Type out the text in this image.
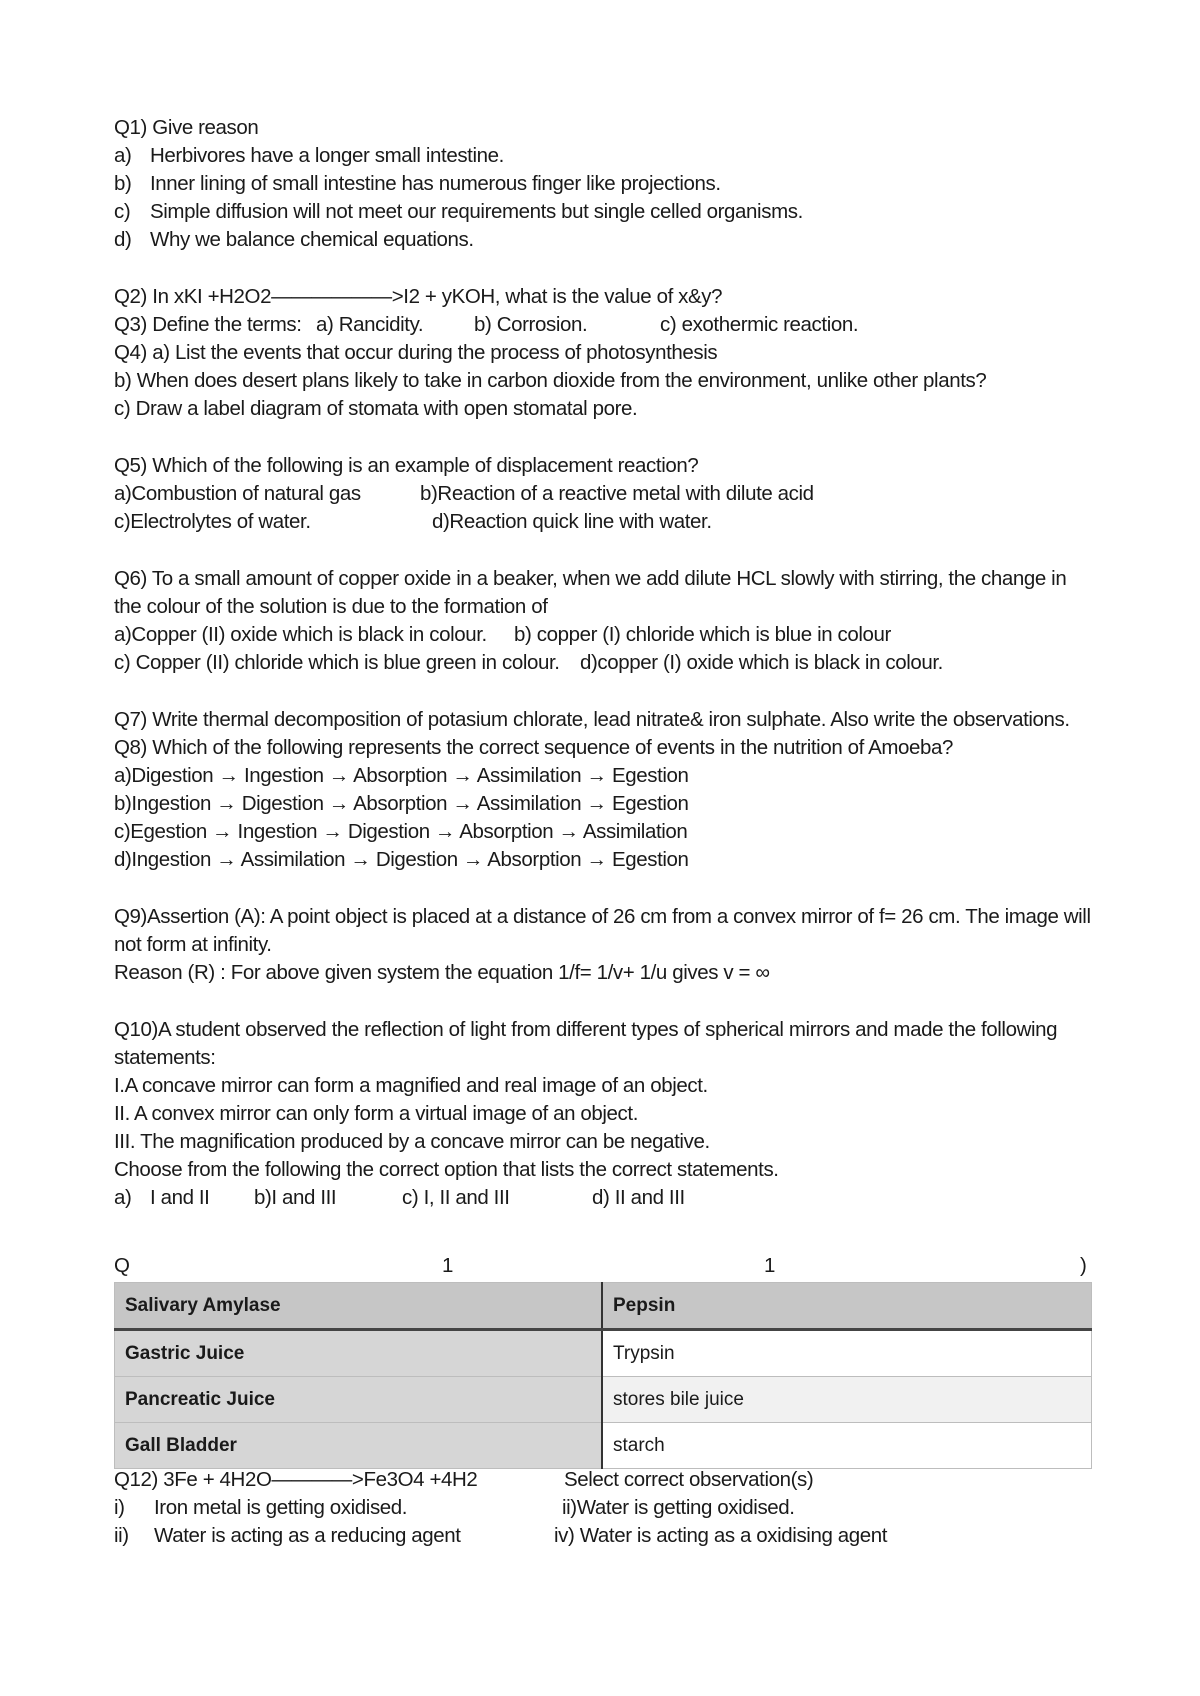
Q1) Give reason
a) Herbivores have a longer small intestine.
b) Inner lining of small intestine has numerous finger like projections.
c) Simple diffusion will not meet our requirements but single celled organisms.
d) Why we balance chemical equations.
Q2) In xKI +H2O2——————>I2 + yKOH, what is the value of x&y?
Q3) Define the terms: a) Rancidity. b) Corrosion.	c) exothermic reaction.
Q4) a) List the events that occur during the process of photosynthesis
b) When does desert plans likely to take in carbon dioxide from the environment, unlike other plants?
c) Draw a label diagram of stomata with open stomatal pore.
Q5) Which of the following is an example of displacement reaction?
a)Combustion of natural gas	b)Reaction of a reactive metal with dilute acid
c)Electrolytes of water.	d)Reaction quick line with water.
Q6) To a small amount of copper oxide in a beaker, when we add dilute HCL slowly with stirring, the change in the colour of the solution is due to the formation of
a)Copper (II) oxide which is black in colour. b) copper (I) chloride which is blue in colour
c) Copper (II) chloride which is blue green in colour. d)copper (I) oxide which is black in colour.
Q7) Write thermal decomposition of potasium chlorate, lead nitrate& iron sulphate. Also write the observations.
Q8) Which of the following represents the correct sequence of events in the nutrition of Amoeba?
a)Digestion → Ingestion → Absorption → Assimilation → Egestion
b)Ingestion → Digestion → Absorption → Assimilation → Egestion
c)Egestion → Ingestion → Digestion → Absorption → Assimilation
d)Ingestion → Assimilation → Digestion → Absorption → Egestion
Q9)Assertion (A): A point object is placed at a distance of 26 cm from a convex mirror of f= 26 cm. The image will not form at infinity.
Reason (R) : For above given system the equation 1/f= 1/v+ 1/u gives v = ∞
Q10)A student observed the reflection of light from different types of spherical mirrors and made the following statements:
I.A concave mirror can form a magnified and real image of an object.
II. A convex mirror can only form a virtual image of an object.
III. The magnification produced by a concave mirror can be negative.
Choose from the following the correct option that lists the correct statements.
a) I and II b)I and III	c) I, II and III	d) II and III
Q	1	1	)
Salivary Amylase	Pepsin
Gastric Juice	Trypsin
Pancreatic Juice	stores bile juice
Gall Bladder	starch
Q12) 3Fe + 4H2O————>Fe3O4 +4H2	Select correct observation(s)
i) Iron metal is getting oxidised.	ii)Water is getting oxidised.
ii) Water is acting as a reducing agent	iv) Water is acting as a oxidising agent
